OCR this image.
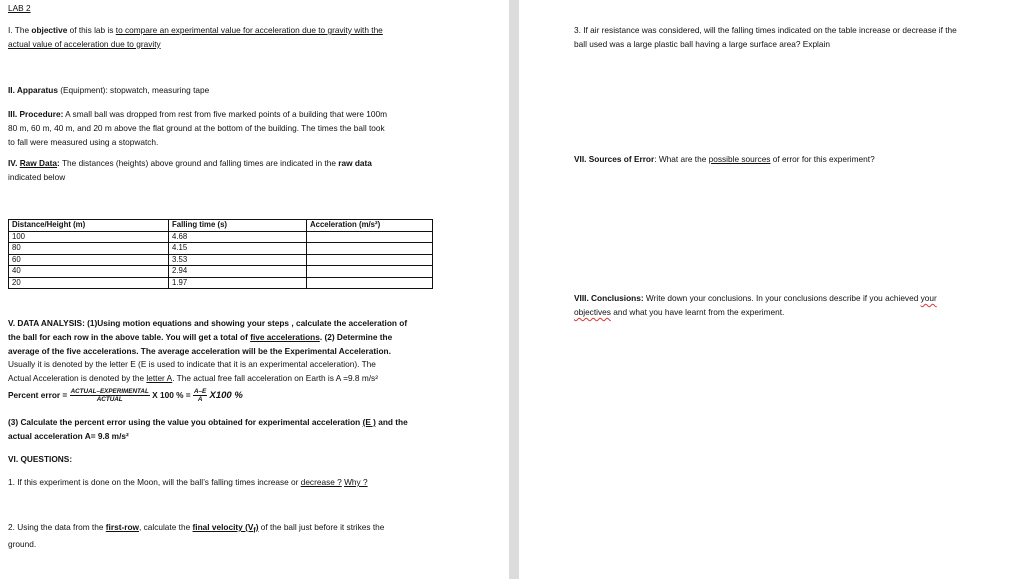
LAB 2

I. The objective of this lab is to compare an experimental value for acceleration due to gravity with the
actual value of acceleration due to gravity

II. Apparatus (Equipment): stopwatch, measuring tape

III. Procedure: A small ball was dropped from rest from five marked points of a building that were 100m
80 m, 60 m, 40 m, and 20 m above the flat ground at the bottom of the building. The times the ball took
to fall were measured using a stopwatch.

IV. Raw Data: The distances (heights) above ground and falling times are indicated in the raw data
indicated below

Distance/Height (m)	Falling time (s)	Acceleration (m/s²)
100	4.68	
80	4.15	
60	3.53	
40	2.94	
20	1.97	
V. DATA ANALYSIS: (1)Using motion equations and showing your steps , calculate the acceleration of
the ball for each row in the above table. You will get a total of five accelerations. (2) Determine the
average of the five accelerations. The average acceleration will be the Experimental Acceleration.
Usually it is denoted by the letter E (E is used to indicate that it is an experimental acceleration). The
Actual Acceleration is denoted by the letter A. The actual free fall acceleration on Earth is A =9.8 m/s²

Percent error = $\frac{\text{ACTUAL–EXPERIMENTAL}}{\text{ACTUAL}}$ X 100 % = $\frac{A-E}{A} X100$ %

(3) Calculate the percent error using the value you obtained for experimental acceleration (E ) and the
actual acceleration A= 9.8 m/s²

VI. QUESTIONS:

1. If this experiment is done on the Moon, will the ball’s falling times increase or decrease ? Why ?

2. Using the data from the first-row, calculate the final velocity $(V_f)$ of the ball just before it strikes the
ground.

3. If air resistance was considered, will the falling times indicated on the table increase or decrease if the
ball used was a large plastic ball having a large surface area? Explain

VII. Sources of Error: What are the possible sources of error for this experiment?

VIII. Conclusions: Write down your conclusions. In your conclusions describe if you achieved your
objectives and what you have learnt from the experiment.
